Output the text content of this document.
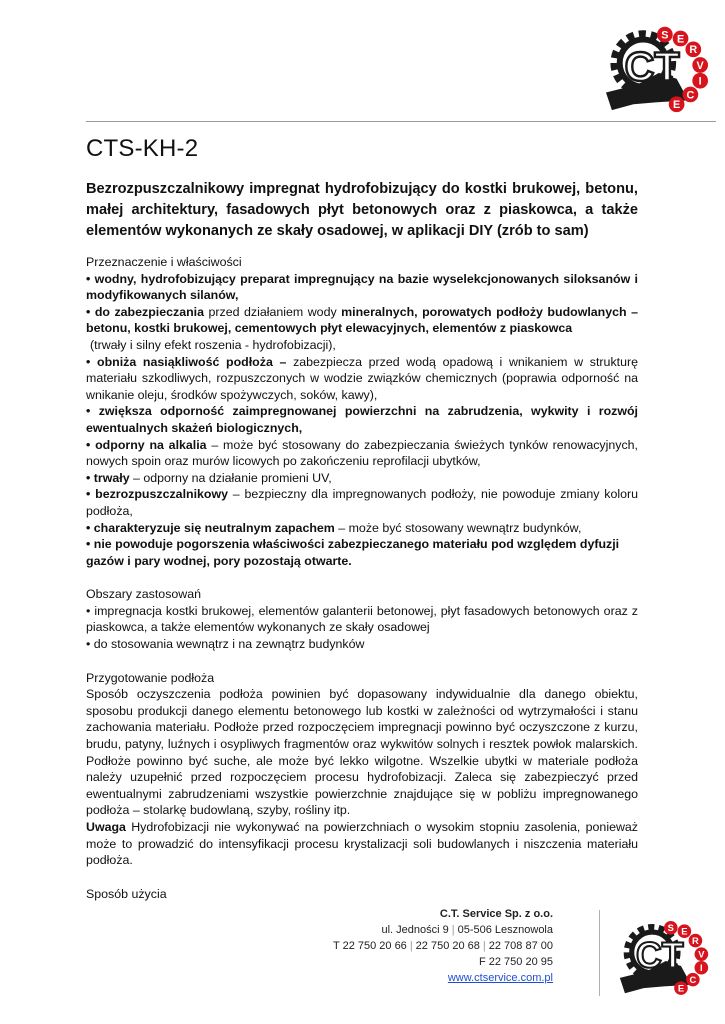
CT
S E
R
V
I
C
E
CTS-KH-2

Bezrozpuszczalnikowy impregnat hydrofobizujący do kostki brukowej, betonu, małej architektury, fasadowych płyt betonowych oraz z piaskowca, a także elementów wykonanych ze skały osadowej, w aplikacji DIY (zrób to sam)

Przeznaczenie i właściwości

• wodny, hydrofobizujący preparat impregnujący na bazie wyselekcjonowanych siloksanów i modyfikowanych silanów,

• do zabezpieczania przed działaniem wody mineralnych, porowatych podłoży budowlanych – betonu, kostki brukowej, cementowych płyt elewacyjnych, elementów z piaskowca

(trwały i silny efekt roszenia - hydrofobizacji),

• obniża nasiąkliwość podłoża – zabezpiecza przed wodą opadową i wnikaniem w strukturę materiału szkodliwych, rozpuszczonych w wodzie związków chemicznych (poprawia odporność na wnikanie oleju, środków spożywczych, soków, kawy),

• zwiększa odporność zaimpregnowanej powierzchni na zabrudzenia, wykwity i rozwój ewentualnych skażeń biologicznych,

• odporny na alkalia – może być stosowany do zabezpieczania świeżych tynków renowacyjnych, nowych spoin oraz murów licowych po zakończeniu reprofilacji ubytków,

• trwały – odporny na działanie promieni UV,

• bezrozpuszczalnikowy – bezpieczny dla impregnowanych podłoży, nie powoduje zmiany koloru podłoża,

• charakteryzuje się neutralnym zapachem – może być stosowany wewnątrz budynków,

• nie powoduje pogorszenia właściwości zabezpieczanego materiału pod względem dyfuzji gazów i pary wodnej, pory pozostają otwarte.

Obszary zastosowań

• impregnacja kostki brukowej, elementów galanterii betonowej, płyt fasadowych betonowych oraz z piaskowca, a także elementów wykonanych ze skały osadowej

• do stosowania wewnątrz i na zewnątrz budynków

Przygotowanie podłoża

Sposób oczyszczenia podłoża powinien być dopasowany indywidualnie dla danego obiektu, sposobu produkcji danego elementu betonowego lub kostki w zależności od wytrzymałości i stanu zachowania materiału. Podłoże przed rozpoczęciem impregnacji powinno być oczyszczone z kurzu, brudu, patyny, luźnych i osypliwych fragmentów oraz wykwitów solnych i resztek powłok malarskich. Podłoże powinno być suche, ale może być lekko wilgotne. Wszelkie ubytki w materiale podłoża należy uzupełnić przed rozpoczęciem procesu hydrofobizacji. Zaleca się zabezpieczyć przed ewentualnymi zabrudzeniami wszystkie powierzchnie znajdujące się w pobliżu impregnowanego podłoża – stolarkę budowlaną, szyby, rośliny itp.

Uwaga Hydrofobizacji nie wykonywać na powierzchniach o wysokim stopniu zasolenia, ponieważ może to prowadzić do intensyfikacji procesu krystalizacji soli budowlanych i niszczenia materiału podłoża.

Sposób użycia

C.T. Service Sp. z o.o.
ul. Jedności 9 | 05-506 Lesznowola
T 22 750 20 66 | 22 750 20 68 | 22 708 87 00
F 22 750 20 95
www.ctservice.com.pl
CT
S E
R
V
I
C
E
